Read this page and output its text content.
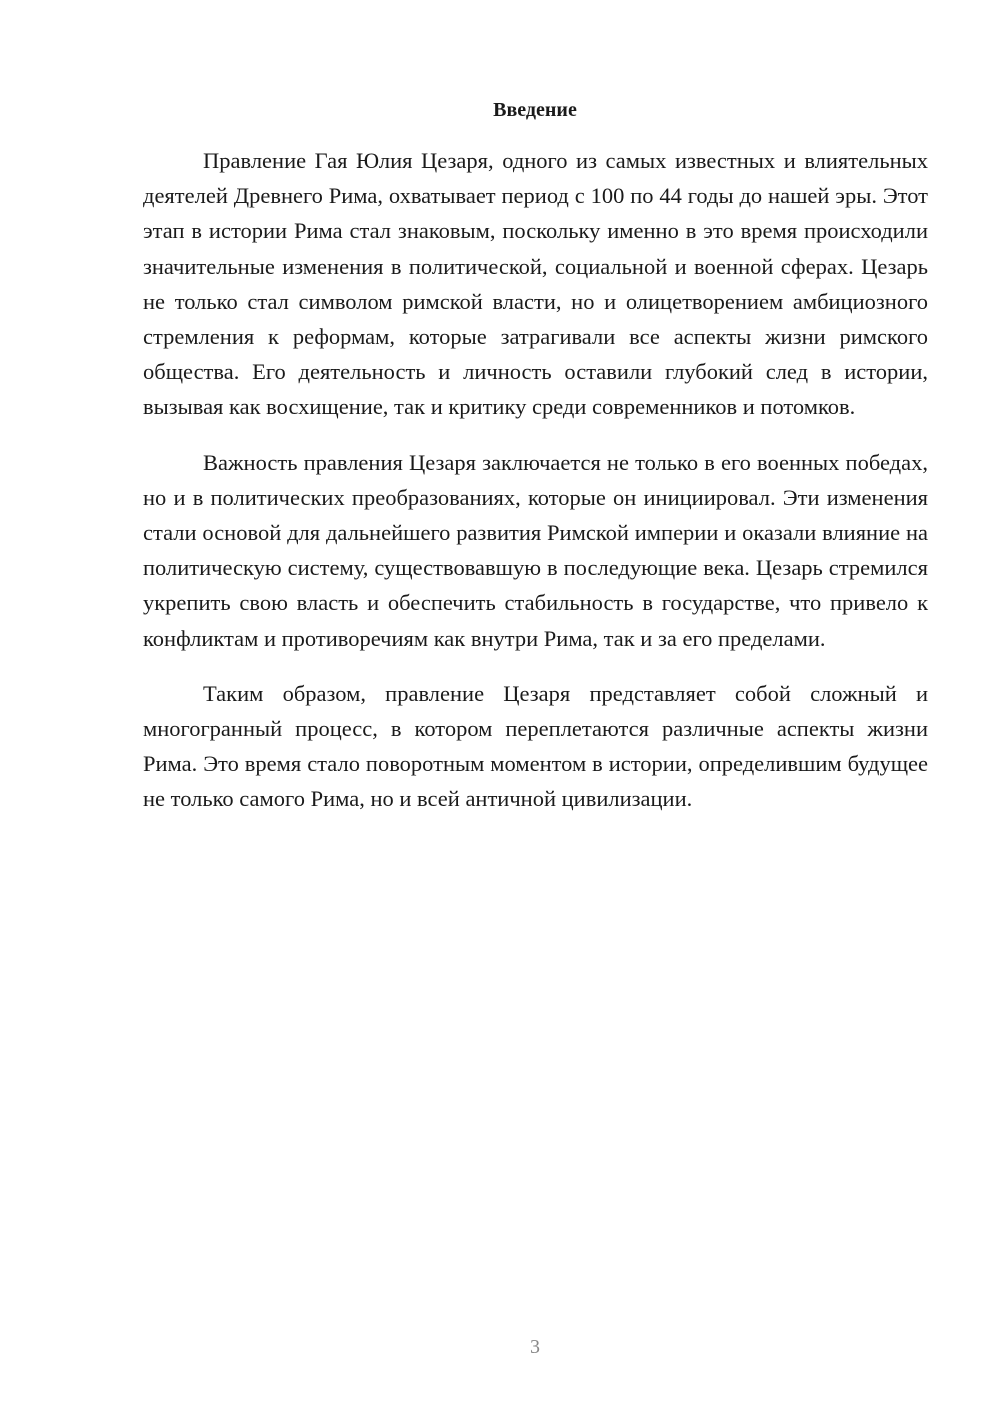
Введение

Правление Гая Юлия Цезаря, одного из самых известных и влиятельных деятелей Древнего Рима, охватывает период с 100 по 44 годы до нашей эры. Этот этап в истории Рима стал знаковым, поскольку именно в это время происходили значительные изменения в политической, социальной и военной сферах. Цезарь не только стал символом римской власти, но и олицетворением амбициозного стремления к реформам, которые затрагивали все аспекты жизни римского общества. Его деятельность и личность оставили глубокий след в истории, вызывая как восхищение, так и критику среди современников и потомков.

Важность правления Цезаря заключается не только в его военных победах, но и в политических преобразованиях, которые он инициировал. Эти изменения стали основой для дальнейшего развития Римской империи и оказали влияние на политическую систему, существовавшую в последующие века. Цезарь стремился укрепить свою власть и обеспечить стабильность в государстве, что привело к конфликтам и противоречиям как внутри Рима, так и за его пределами.

Таким образом, правление Цезаря представляет собой сложный и многогранный процесс, в котором переплетаются различные аспекты жизни Рима. Это время стало поворотным моментом в истории, определившим будущее не только самого Рима, но и всей античной цивилизации.

3
